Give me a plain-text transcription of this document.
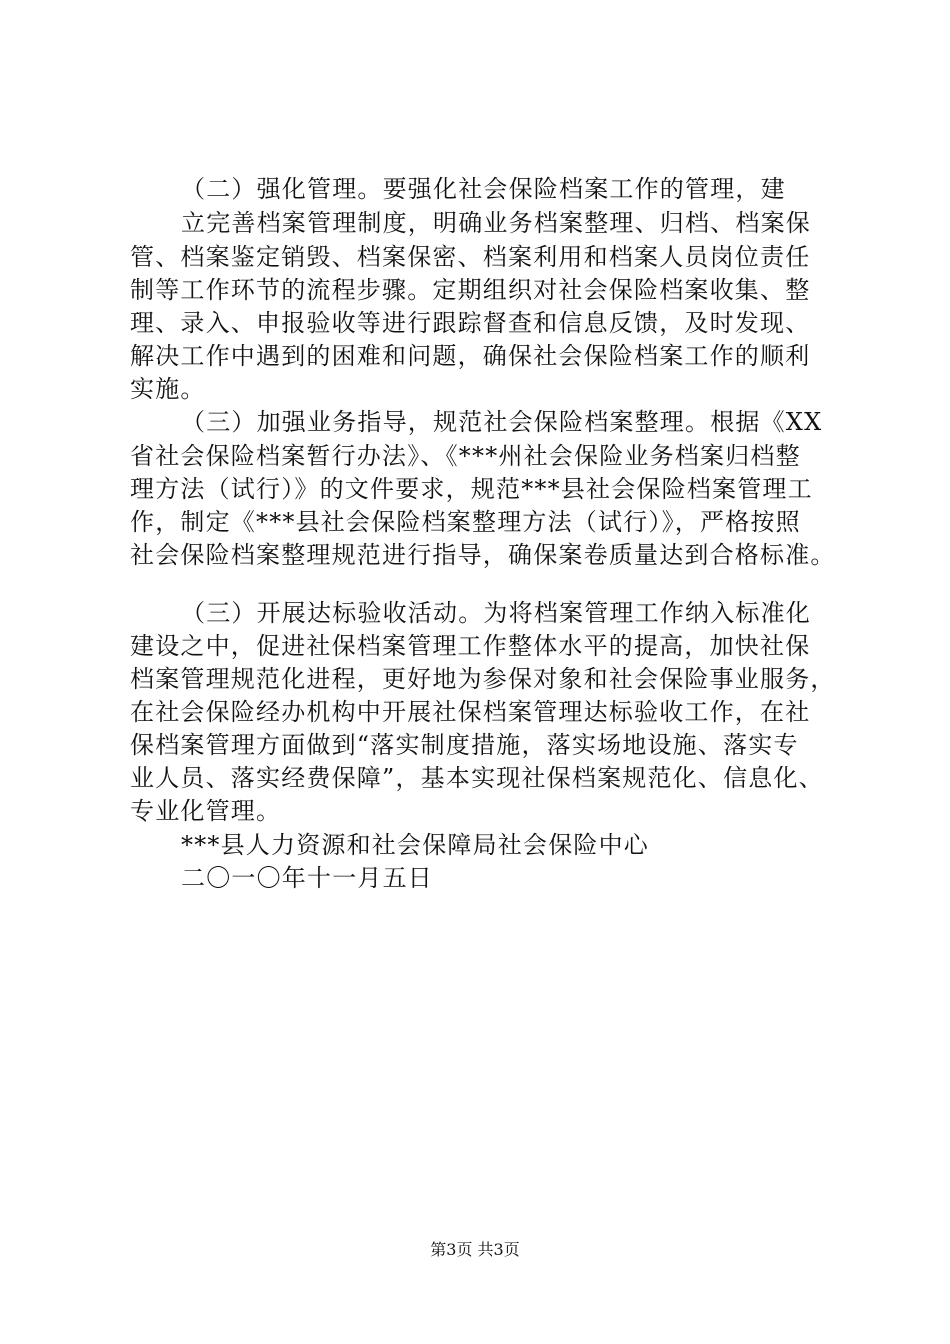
（二）强化管理。要强化社会保险档案工作的管理，建
立完善档案管理制度，明确业务档案整理、归档、档案保
管、档案鉴定销毁、档案保密、档案利用和档案人员岗位责任
制等工作环节的流程步骤。定期组织对社会保险档案收集、整
理、录入、申报验收等进行跟踪督查和信息反馈，及时发现、
解决工作中遇到的困难和问题，确保社会保险档案工作的顺利
实施。
（三）加强业务指导，规范社会保险档案整理。根据《XX
省社会保险档案暂行办法》、《***州社会保险业务档案归档整
理方法（试行）》的文件要求，规范***县社会保险档案管理工
作，制定《***县社会保险档案整理方法（试行）》，严格按照
社会保险档案整理规范进行指导，确保案卷质量达到合格标准。
（三）开展达标验收活动。为将档案管理工作纳入标准化
建设之中，促进社保档案管理工作整体水平的提高，加快社保
档案管理规范化进程，更好地为参保对象和社会保险事业服务，
在社会保险经办机构中开展社保档案管理达标验收工作，在社
保档案管理方面做到“落实制度措施，落实场地设施、落实专
业人员、落实经费保障”，基本实现社保档案规范化、信息化、
专业化管理。
***县人力资源和社会保障局社会保险中心
二〇一〇年十一月五日
第3页 共3页
